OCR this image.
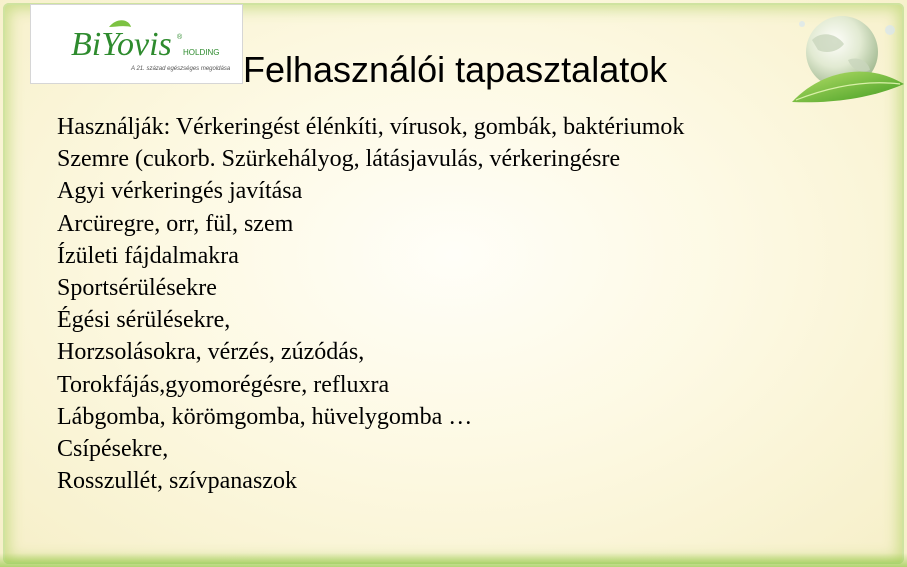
BiYovis ®
HOLDING
A 21. század egészséges megoldása Felhasználói tapasztalatok
Használják: Vérkeringést élénkíti, vírusok, gombák, baktériumok
Szemre (cukorb. Szürkehályog, látásjavulás, vérkeringésre
Agyi vérkeringés javítása
Arcüregre, orr, fül, szem
Ízületi fájdalmakra
Sportsérülésekre
Égési sérülésekre,
Horzsolásokra, vérzés, zúzódás,
Torokfájás,gyomorégésre, refluxra
Lábgomba, körömgomba, hüvelygomba …
Csípésekre,
Rosszullét, szívpanaszok
